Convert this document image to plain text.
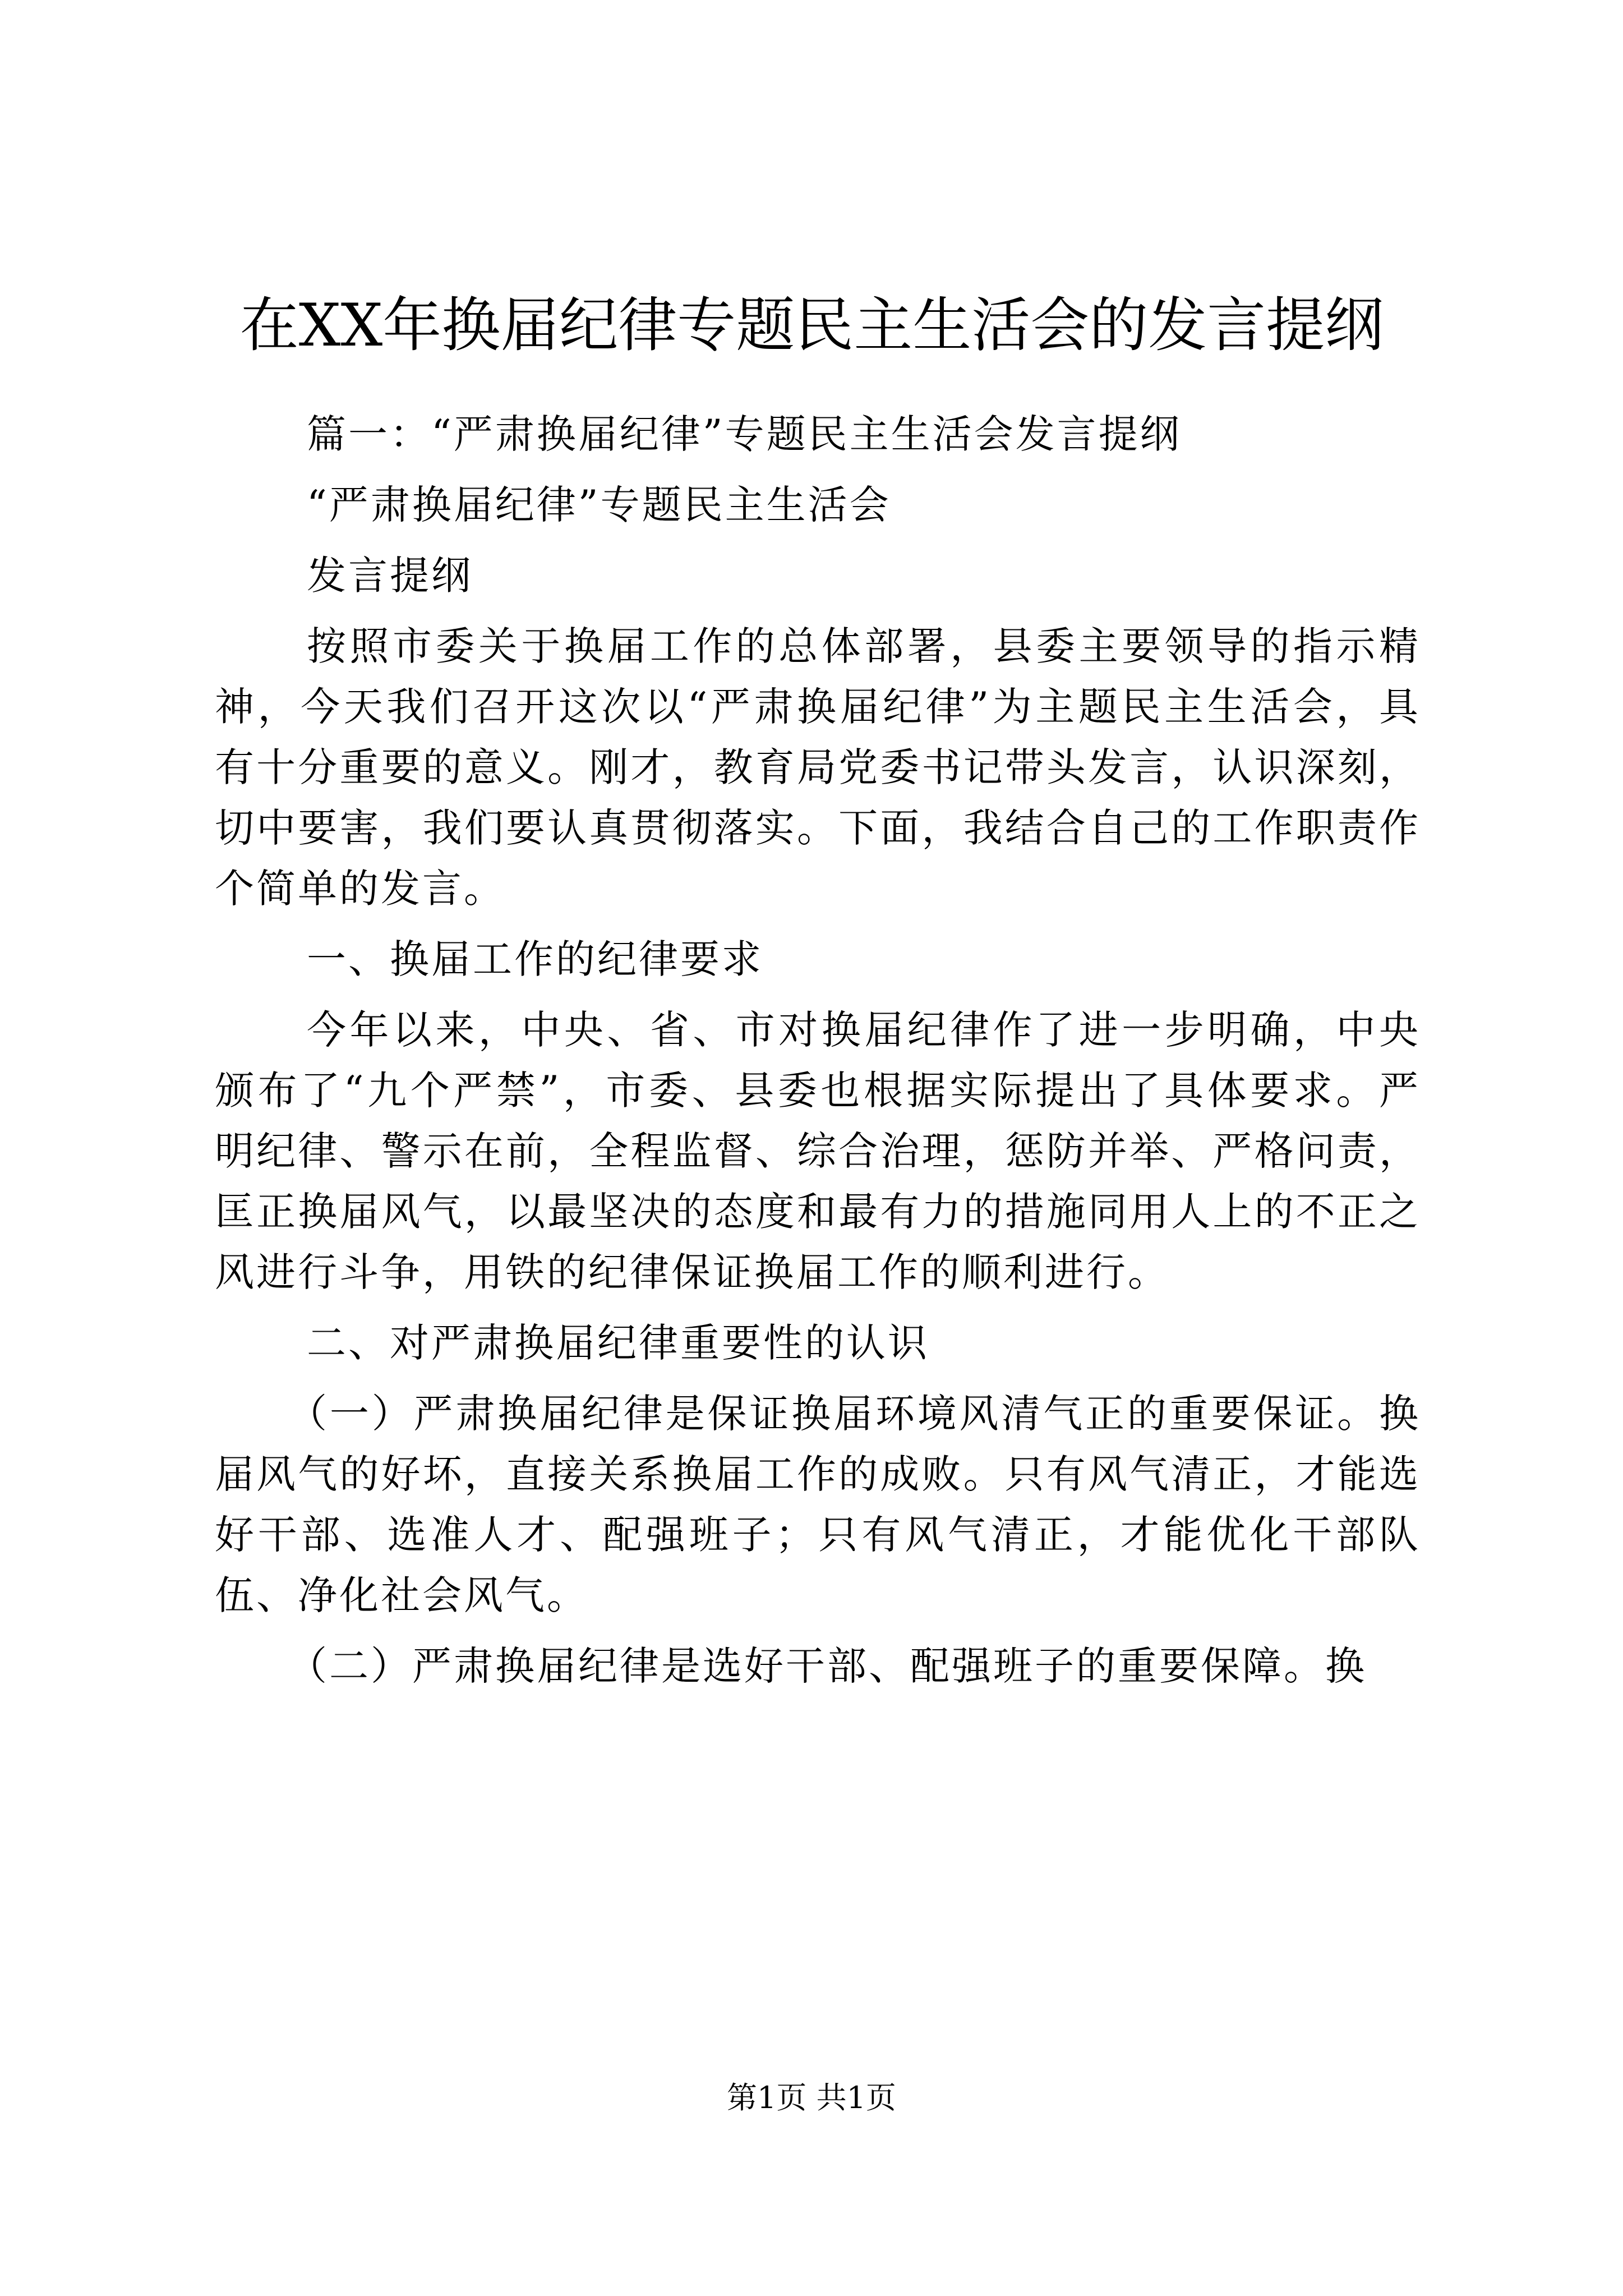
在XX年换届纪律专题民主生活会的发言提纲

篇一：“严肃换届纪律”专题民主生活会发言提纲

“严肃换届纪律”专题民主生活会

发言提纲

按照市委关于换届工作的总体部署，县委主要领导的指示精神，今天我们召开这次以“严肃换届纪律”为主题民主生活会，具有十分重要的意义。刚才，教育局党委书记带头发言，认识深刻，切中要害，我们要认真贯彻落实。下面，我结合自己的工作职责作个简单的发言。

一、换届工作的纪律要求

今年以来，中央、省、市对换届纪律作了进一步明确，中央颁布了“九个严禁”，市委、县委也根据实际提出了具体要求。严明纪律、警示在前，全程监督、综合治理，惩防并举、严格问责，匡正换届风气，以最坚决的态度和最有力的措施同用人上的不正之风进行斗争，用铁的纪律保证换届工作的顺利进行。

二、对严肃换届纪律重要性的认识

（一）严肃换届纪律是保证换届环境风清气正的重要保证。换届风气的好坏，直接关系换届工作的成败。只有风气清正，才能选好干部、选准人才、配强班子；只有风气清正，才能优化干部队伍、净化社会风气。

（二）严肃换届纪律是选好干部、配强班子的重要保障。换

第1页 共1页
